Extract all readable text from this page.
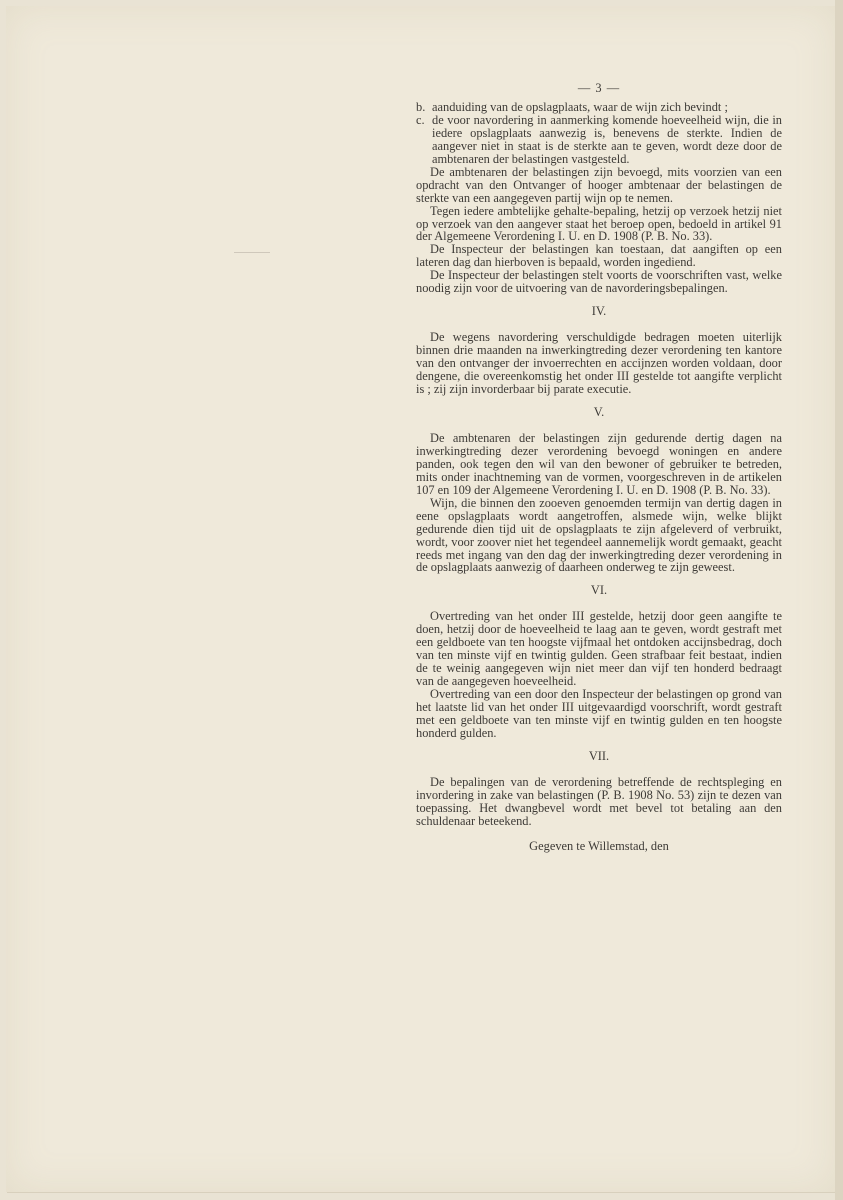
— 3 —
b. aanduiding van de opslagplaats, waar de wijn zich bevindt ;
c. de voor navordering in aanmerking komende hoeveelheid wijn, die in iedere opslagplaats aanwezig is, benevens de sterkte. Indien de aangever niet in staat is de sterkte aan te geven, wordt deze door de ambtenaren der belastingen vastgesteld.
De ambtenaren der belastingen zijn bevoegd, mits voorzien van een opdracht van den Ontvanger of hooger ambtenaar der belastingen de sterkte van een aangegeven partij wijn op te nemen.
Tegen iedere ambtelijke gehalte-bepaling, hetzij op verzoek hetzij niet op verzoek van den aangever staat het beroep open, bedoeld in artikel 91 der Algemeene Verordening I. U. en D. 1908 (P. B. No. 33).
De Inspecteur der belastingen kan toestaan, dat aangiften op een lateren dag dan hierboven is bepaald, worden ingediend.
De Inspecteur der belastingen stelt voorts de voorschriften vast, welke noodig zijn voor de uitvoering van de navorderingsbepalingen.
IV.
De wegens navordering verschuldigde bedragen moeten uiterlijk binnen drie maanden na inwerkingtreding dezer verordening ten kantore van den ontvanger der invoerrechten en accijnzen worden voldaan, door dengene, die overeenkomstig het onder III gestelde tot aangifte verplicht is ; zij zijn invorderbaar bij parate executie.
V.
De ambtenaren der belastingen zijn gedurende dertig dagen na inwerkingtreding dezer verordening bevoegd woningen en andere panden, ook tegen den wil van den bewoner of gebruiker te betreden, mits onder inachtneming van de vormen, voorgeschreven in de artikelen 107 en 109 der Algemeene Verordening I. U. en D. 1908 (P. B. No. 33).
Wijn, die binnen den zooeven genoemden termijn van dertig dagen in eene opslagplaats wordt aangetroffen, alsmede wijn, welke blijkt gedurende dien tijd uit de opslagplaats te zijn afgeleverd of verbruikt, wordt, voor zoover niet het tegendeel aannemelijk wordt gemaakt, geacht reeds met ingang van den dag der inwerkingtreding dezer verordening in de opslagplaats aanwezig of daarheen onderweg te zijn geweest.
VI.
Overtreding van het onder III gestelde, hetzij door geen aangifte te doen, hetzij door de hoeveelheid te laag aan te geven, wordt gestraft met een geldboete van ten hoogste vijfmaal het ontdoken accijnsbedrag, doch van ten minste vijf en twintig gulden. Geen strafbaar feit bestaat, indien de te weinig aangegeven wijn niet meer dan vijf ten honderd bedraagt van de aangegeven hoeveelheid.
Overtreding van een door den Inspecteur der belastingen op grond van het laatste lid van het onder III uitgevaardigd voorschrift, wordt gestraft met een geldboete van ten minste vijf en twintig gulden en ten hoogste honderd gulden.
VII.
De bepalingen van de verordening betreffende de rechtspleging en invordering in zake van belastingen (P. B. 1908 No. 53) zijn te dezen van toepassing. Het dwangbevel wordt met bevel tot betaling aan den schuldenaar beteekend.
Gegeven te Willemstad, den
